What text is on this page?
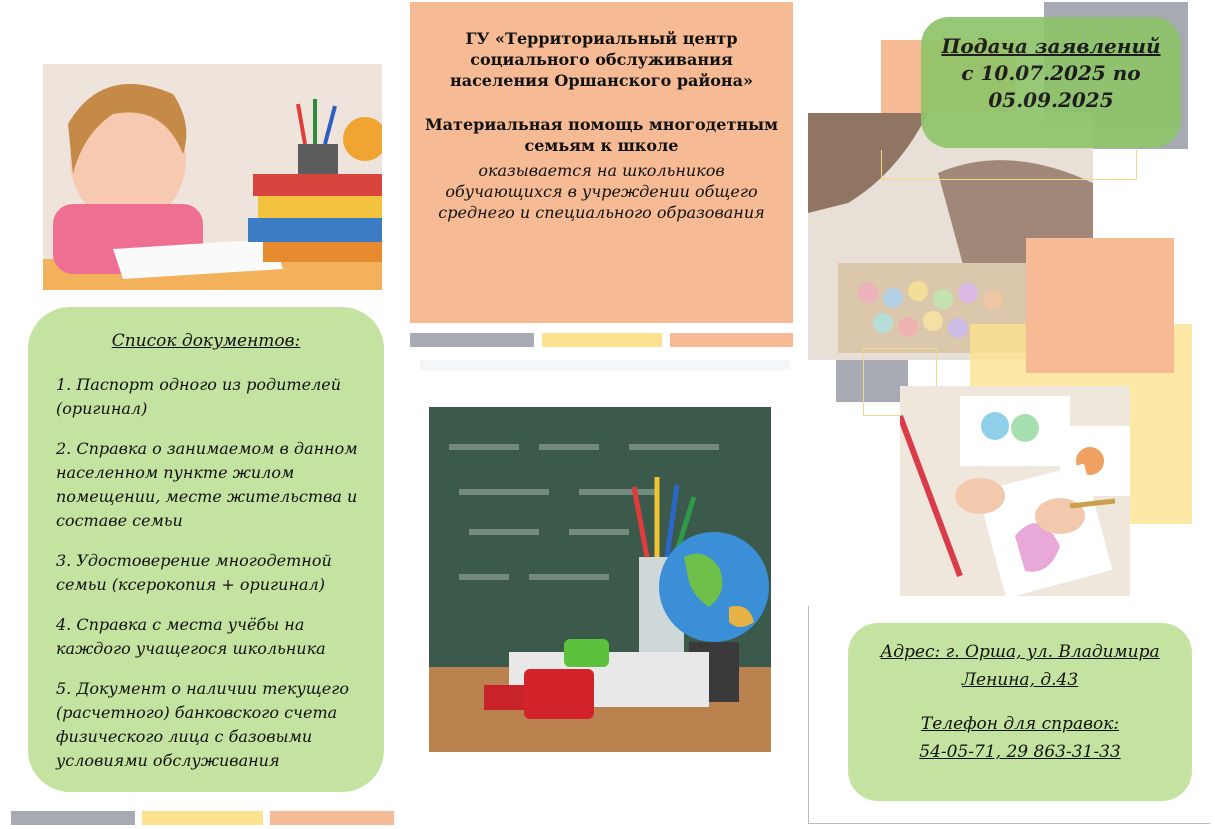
Список документов:
1. Паспорт одного из родителей (оригинал)
2. Справка о занимаемом в данном населенном пункте жилом помещении, месте жительства и составе семьи
3. Удостоверение многодетной семьи (ксерокопия + оригинал)
4. Справка с места учёбы на каждого учащегося школьника
5. Документ о наличии текущего (расчетного) банковского счета физического лица с базовыми условиями обслуживания
ГУ «Территориальный центр социального обслуживания населения Оршанского района»
Материальная помощь многодетным семьям к школе
оказывается на школьников обучающихся в учреждении общего среднего и специального образования
Подача заявлений
с 10.07.2025 по
05.09.2025
Адрес: г. Орша, ул. Владимира
Ленина, д.43
Телефон для справок:
54-05-71, 29 863-31-33
